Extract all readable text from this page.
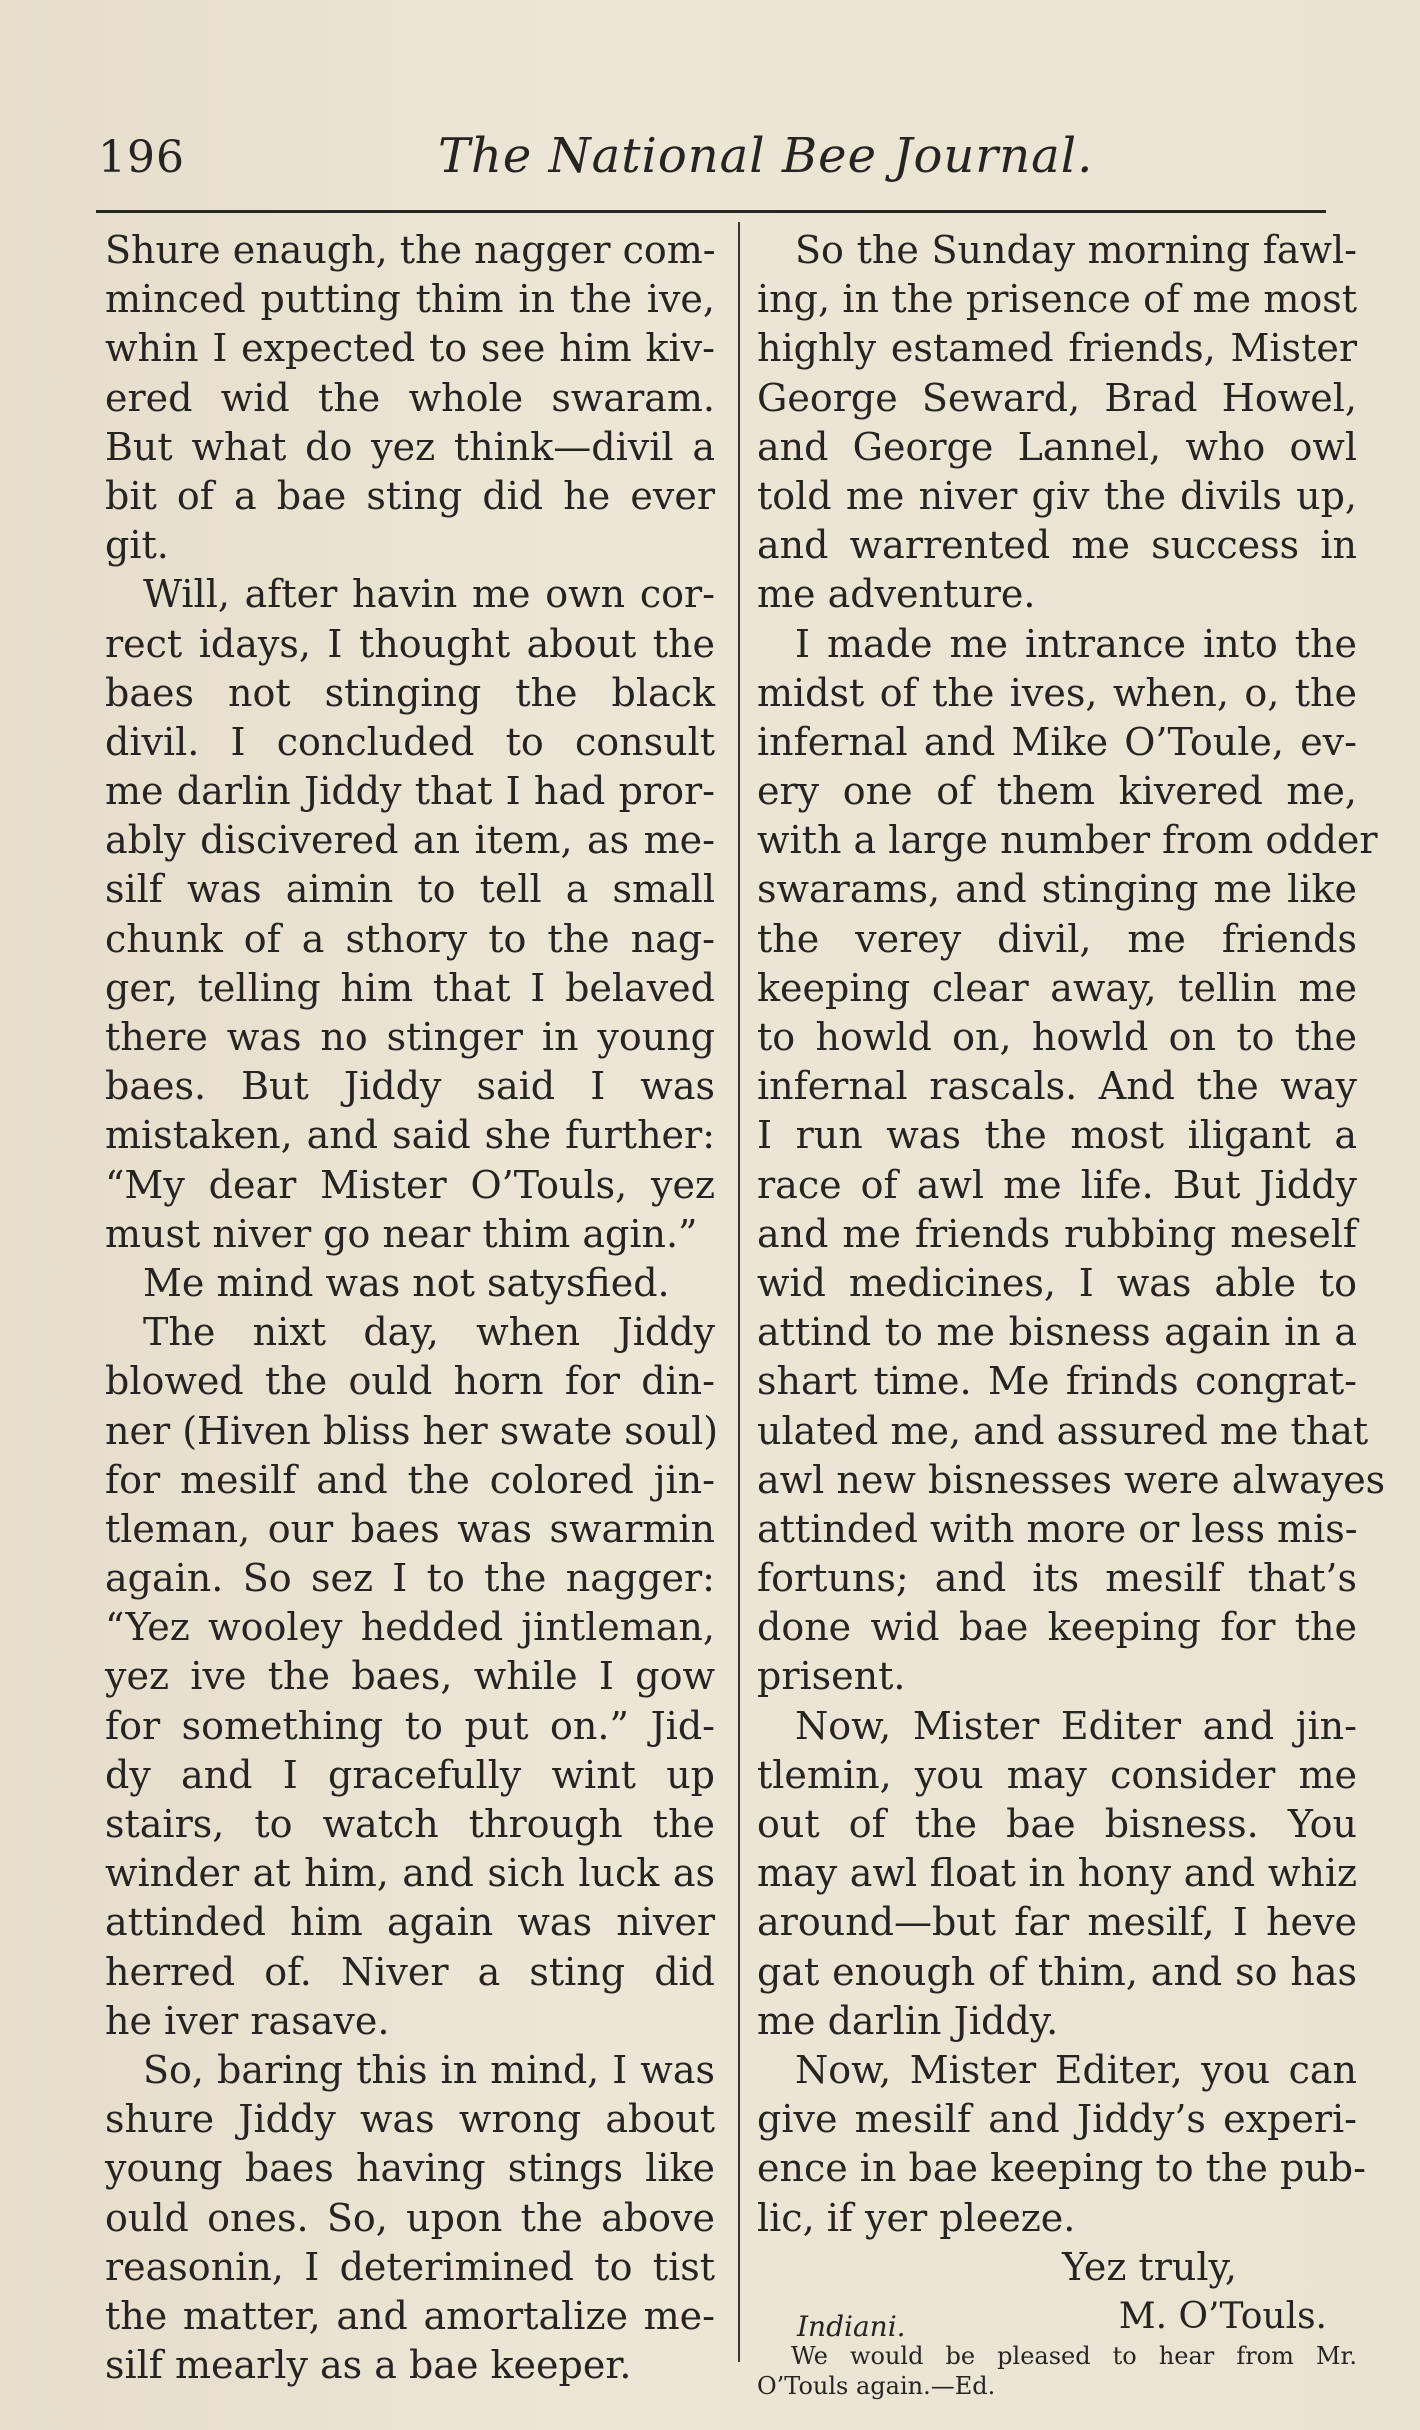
196	The National Bee Journal.
Shure enaugh, the nagger com-
minced putting thim in the ive,
whin I expected to see him kiv-
ered wid the whole swaram.
But what do yez think—divil a
bit of a bae sting did he ever
git.
Will, after havin me own cor-
rect idays, I thought about the
baes not stinging the black
divil. I concluded to consult
me darlin Jiddy that I had pror-
ably discivered an item, as me-
silf was aimin to tell a small
chunk of a sthory to the nag-
ger, telling him that I belaved
there was no stinger in young
baes. But Jiddy said I was
mistaken, and said she further:
“My dear Mister O’Touls, yez
must niver go near thim agin.”
Me mind was not satysfied.
The nixt day, when Jiddy
blowed the ould horn for din-
ner (Hiven bliss her swate soul)
for mesilf and the colored jin-
tleman, our baes was swarmin
again. So sez I to the nagger:
“Yez wooley hedded jintleman,
yez ive the baes, while I gow
for something to put on.” Jid-
dy and I gracefully wint up
stairs, to watch through the
winder at him, and sich luck as
attinded him again was niver
herred of. Niver a sting did
he iver rasave.
So, baring this in mind, I was
shure Jiddy was wrong about
young baes having stings like
ould ones. So, upon the above
reasonin, I deterimined to tist
the matter, and amortalize me-
silf mearly as a bae keeper.
So the Sunday morning fawl-
ing, in the prisence of me most
highly estamed friends, Mister
George Seward, Brad Howel,
and George Lannel, who owl
told me niver giv the divils up,
and warrented me success in
me adventure.
I made me intrance into the
midst of the ives, when, o, the
infernal and Mike O’Toule, ev-
ery one of them kivered me,
with a large number from odder
swarams, and stinging me like
the verey divil, me friends
keeping clear away, tellin me
to howld on, howld on to the
infernal rascals. And the way
I run was the most iligant a
race of awl me life. But Jiddy
and me friends rubbing meself
wid medicines, I was able to
attind to me bisness again in a
shart time. Me frinds congrat-
ulated me, and assured me that
awl new bisnesses were alwayes
attinded with more or less mis-
fortuns; and its mesilf that’s
done wid bae keeping for the
prisent.
Now, Mister Editer and jin-
tlemin, you may consider me
out of the bae bisness. You
may awl float in hony and whiz
around—but far mesilf, I heve
gat enough of thim, and so has
me darlin Jiddy.
Now, Mister Editer, you can
give mesilf and Jiddy’s experi-
ence in bae keeping to the pub-
lic, if yer pleeze.
Yez truly,
Indiani.	M. O’Touls.
We would be pleased to hear from Mr.
O’Touls again.—Ed.
